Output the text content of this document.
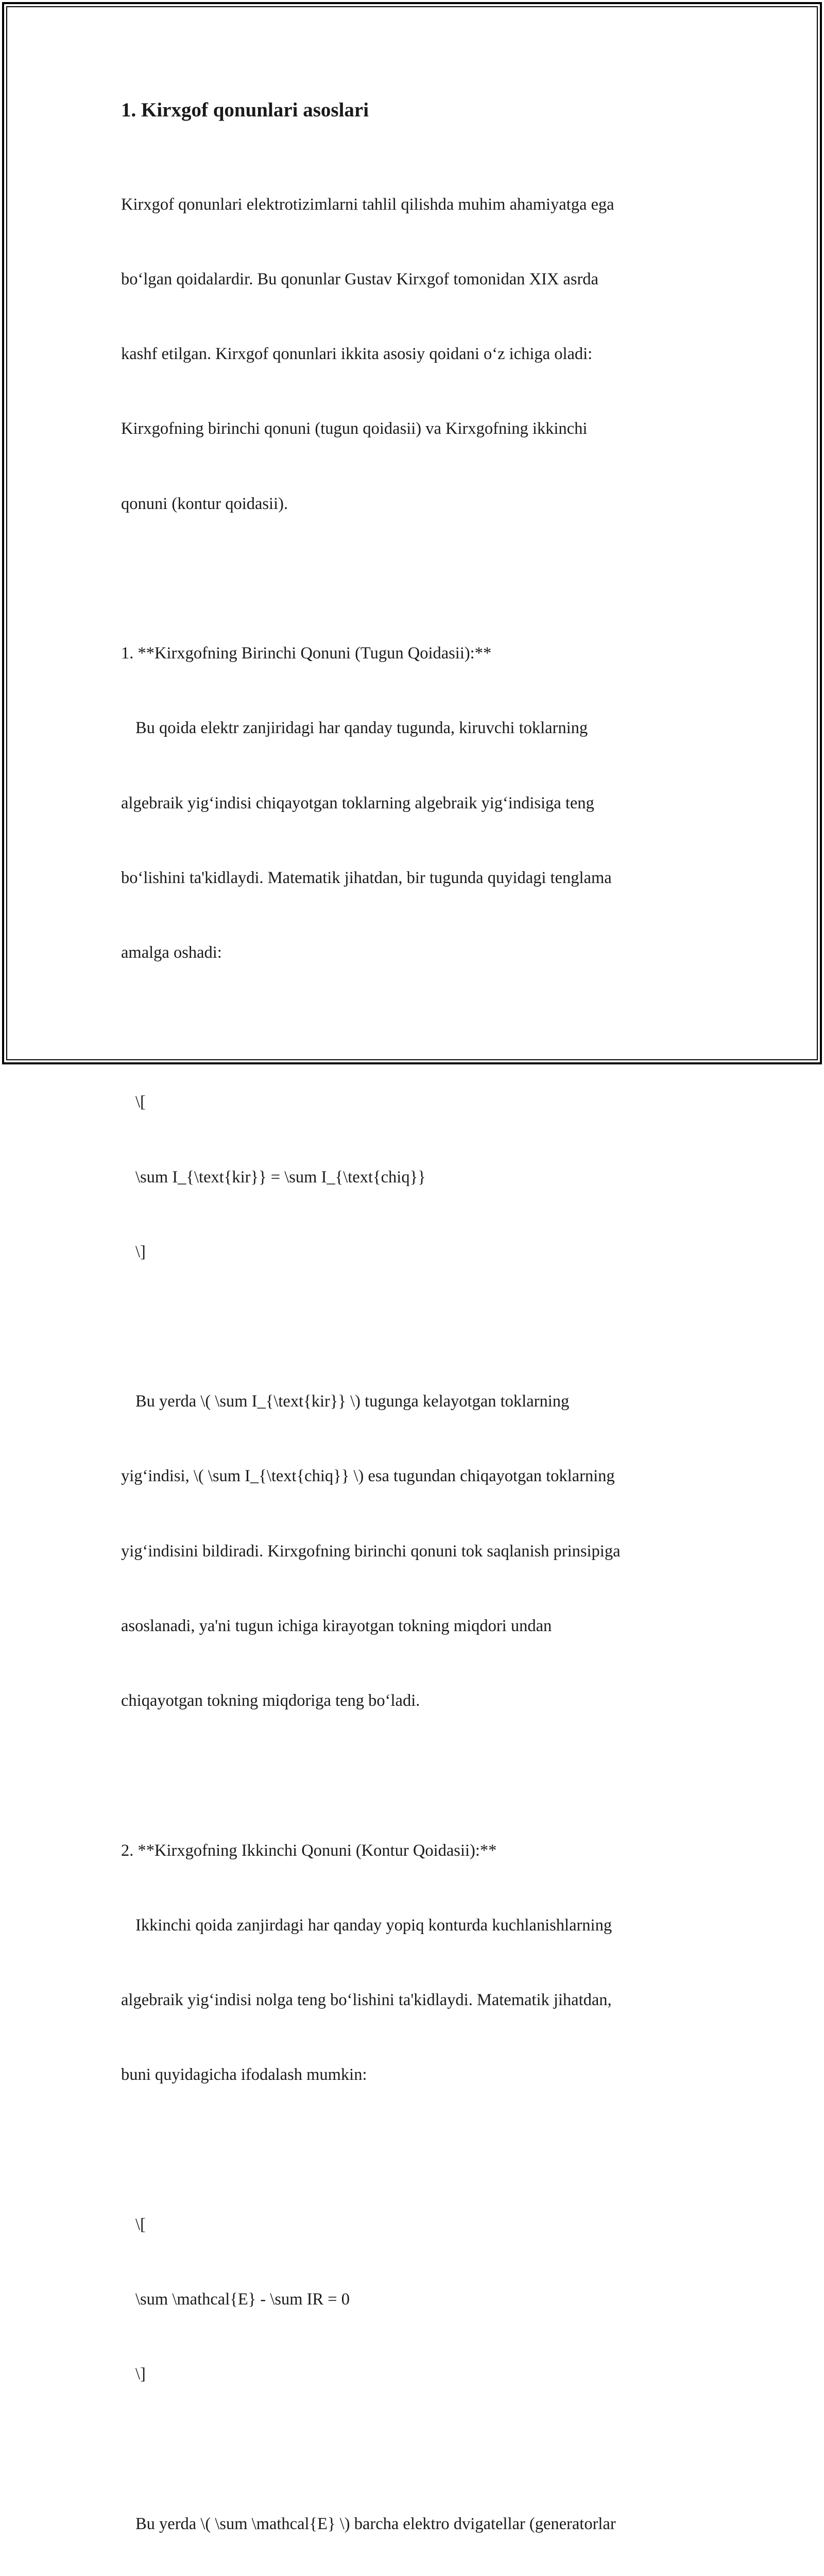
1. Kirxgof qonunlari asoslari

Kirxgof qonunlari elektrotizimlarni tahlil qilishda muhim ahamiyatga ega

bo‘lgan qoidalardir. Bu qonunlar Gustav Kirxgof tomonidan XIX asrda

kashf etilgan. Kirxgof qonunlari ikkita asosiy qoidani o‘z ichiga oladi:

Kirxgofning birinchi qonuni (tugun qoidasii) va Kirxgofning ikkinchi

qonuni (kontur qoidasii).

1. **Kirxgofning Birinchi Qonuni (Tugun Qoidasii):**

Bu qoida elektr zanjiridagi har qanday tugunda, kiruvchi toklarning

algebraik yig‘indisi chiqayotgan toklarning algebraik yig‘indisiga teng

bo‘lishini ta'kidlaydi. Matematik jihatdan, bir tugunda quyidagi tenglama

amalga oshadi:

\[

\sum I_{\text{kir}} = \sum I_{\text{chiq}}

\]

Bu yerda \( \sum I_{\text{kir}} \) tugunga kelayotgan toklarning

yig‘indisi, \( \sum I_{\text{chiq}} \) esa tugundan chiqayotgan toklarning

yig‘indisini bildiradi. Kirxgofning birinchi qonuni tok saqlanish prinsipiga

asoslanadi, ya'ni tugun ichiga kirayotgan tokning miqdori undan

chiqayotgan tokning miqdoriga teng bo‘ladi.

2. **Kirxgofning Ikkinchi Qonuni (Kontur Qoidasii):**

Ikkinchi qoida zanjirdagi har qanday yopiq konturda kuchlanishlarning

algebraik yig‘indisi nolga teng bo‘lishini ta'kidlaydi. Matematik jihatdan,

buni quyidagicha ifodalash mumkin:

\[

\sum \mathcal{E} - \sum IR = 0

\]

Bu yerda \( \sum \mathcal{E} \) barcha elektro dvigatellar (generatorlar
